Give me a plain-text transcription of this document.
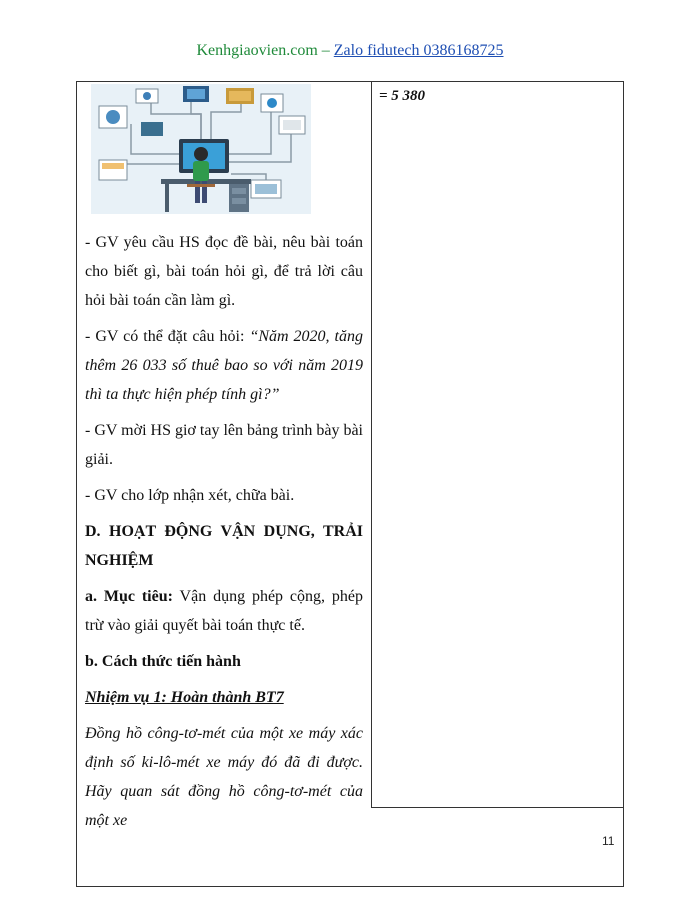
Kenhgiaovien.com – Zalo fidutech 0386168725

- GV yêu cầu HS đọc đề bài, nêu bài toán cho biết gì, bài toán hỏi gì, để trả lời câu hỏi bài toán cần làm gì.

- GV có thể đặt câu hỏi: “Năm 2020, tăng thêm 26 033 số thuê bao so với năm 2019 thì ta thực hiện phép tính gì?”

- GV mời HS giơ tay lên bảng trình bày bài giải.

- GV cho lớp nhận xét, chữa bài.

D. HOẠT ĐỘNG VẬN DỤNG, TRẢI NGHIỆM

a. Mục tiêu: Vận dụng phép cộng, phép trừ vào giải quyết bài toán thực tế.

b. Cách thức tiến hành

Nhiệm vụ 1: Hoàn thành BT7

Đồng hồ công-tơ-mét của một xe máy xác định số ki-lô-mét xe máy đó đã đi được. Hãy quan sát đồng hồ công-tơ-mét của một xe

= 5 380
11
